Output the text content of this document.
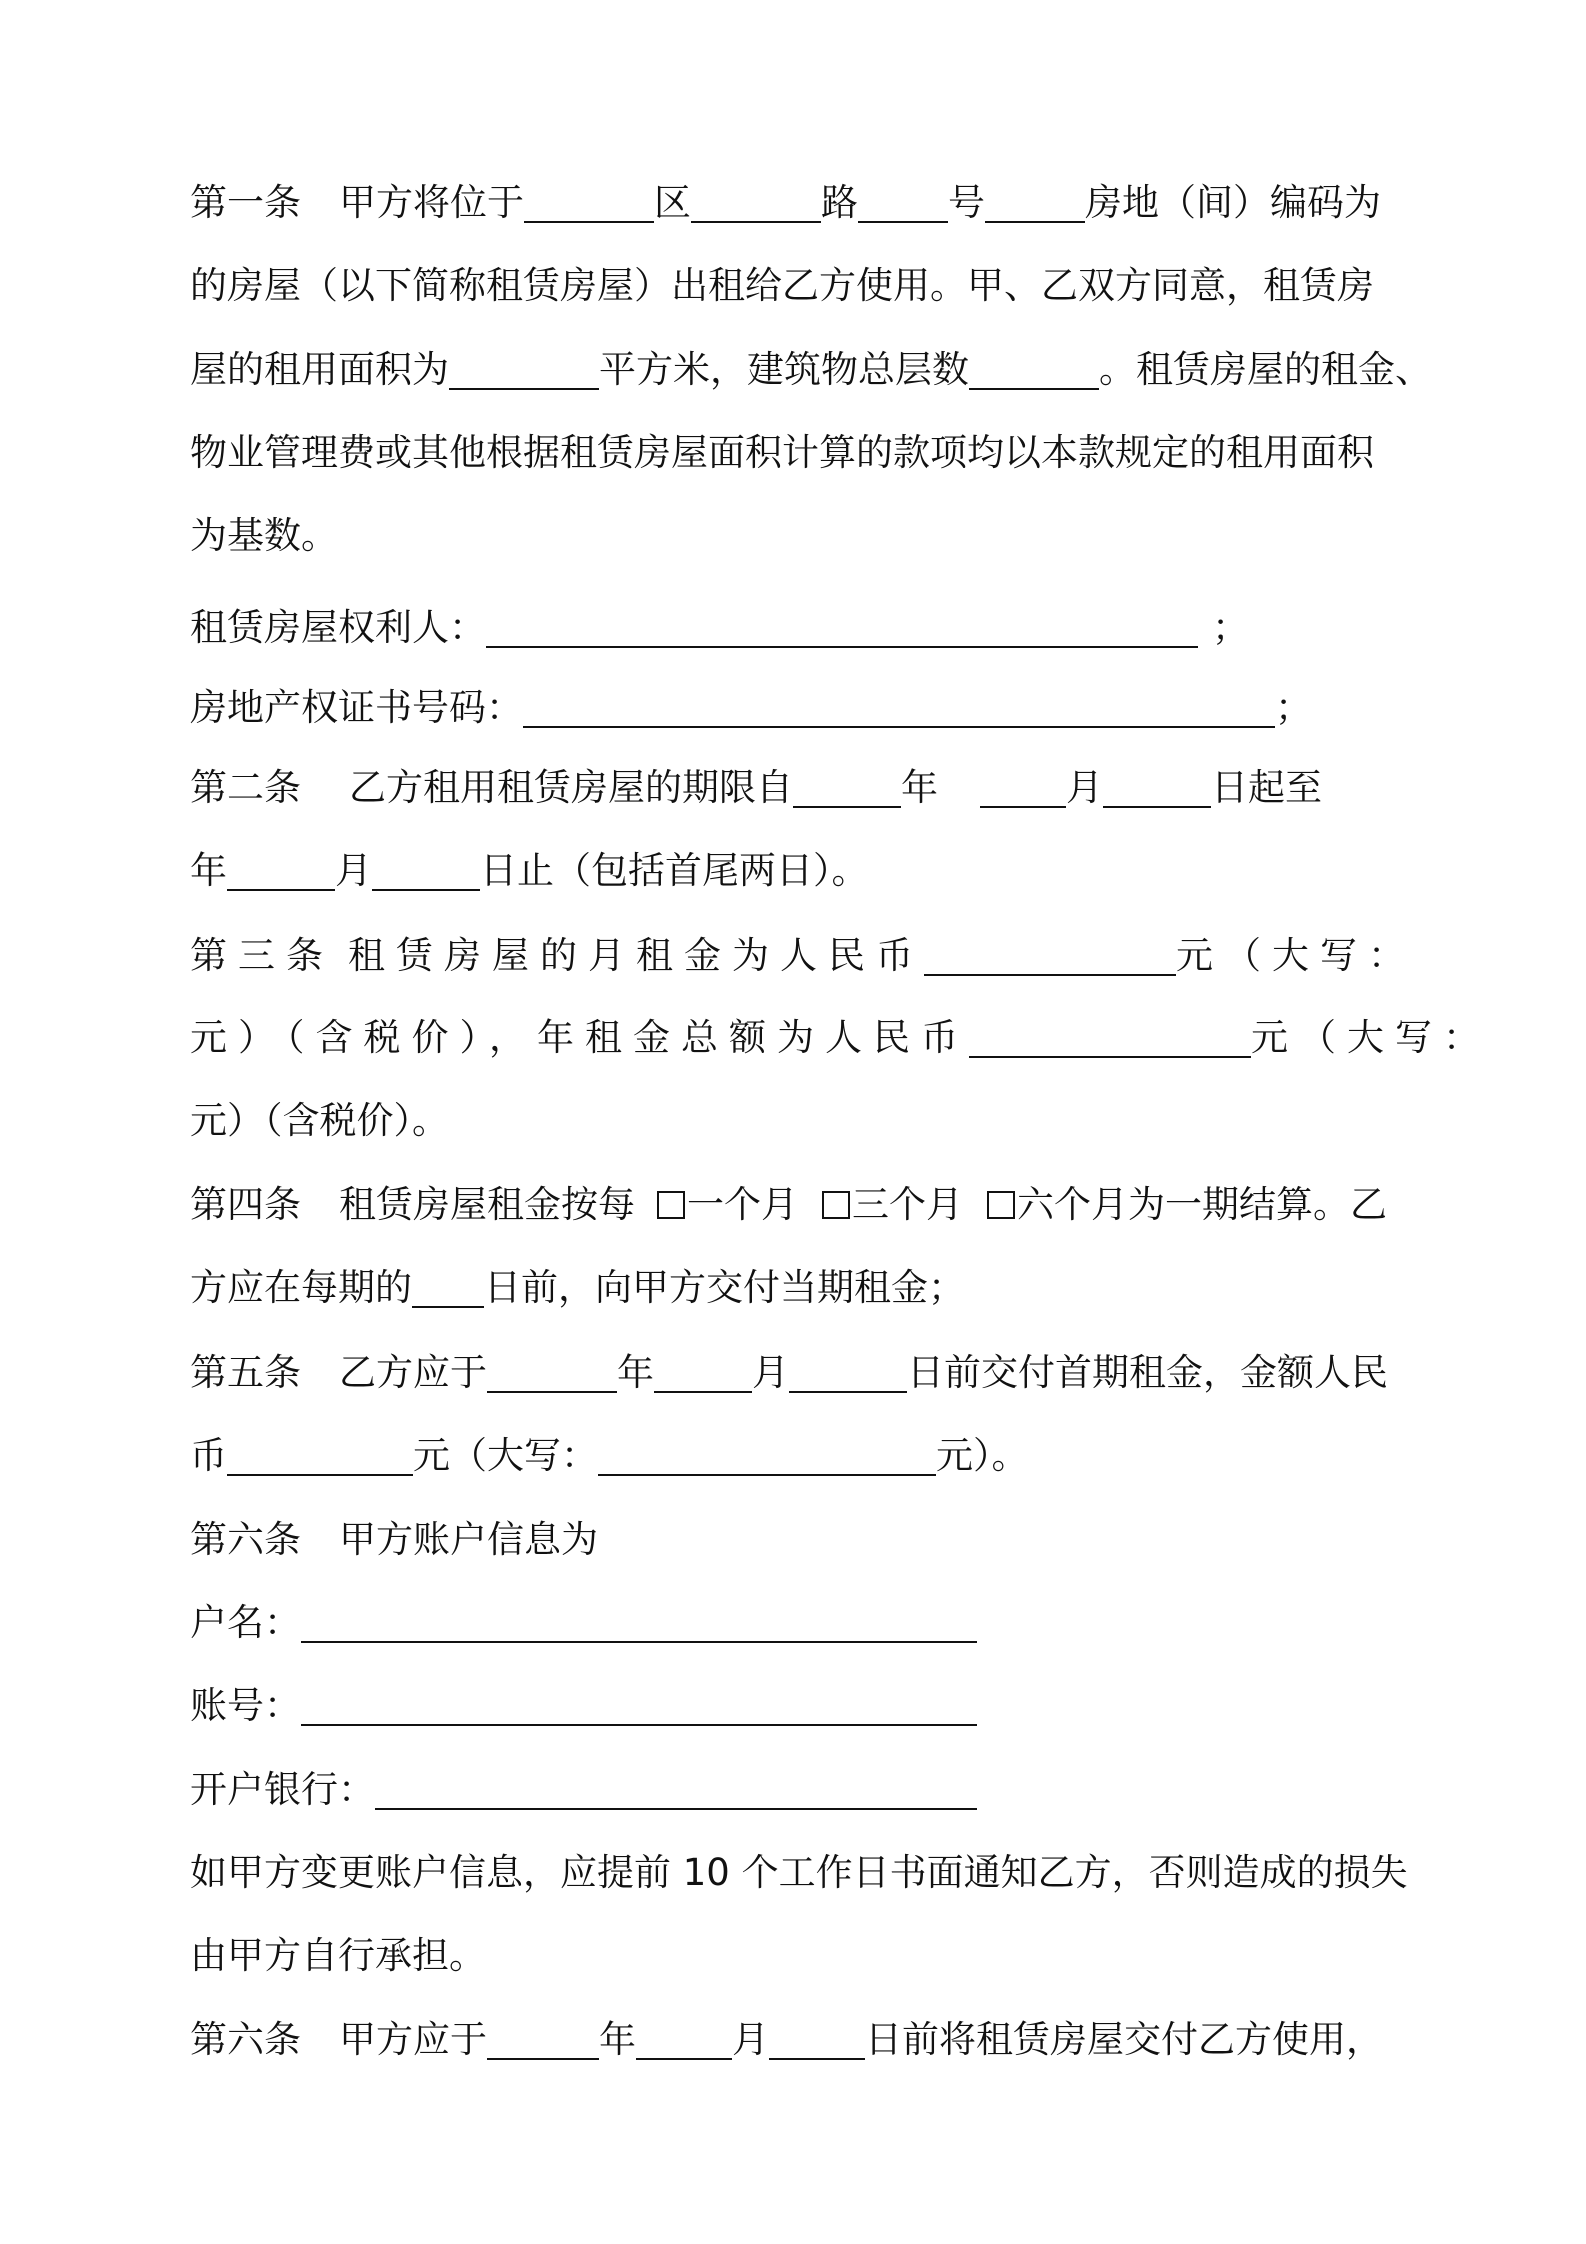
第一条 甲方将位于	区	路 号	房地（间）编码为
的房屋（以下简称租赁房屋）出租给乙方使用。甲、乙双方同意，租赁房
屋的租用面积为	平方米，建筑物总层数	。租赁房屋的租金、
物业管理费或其他根据租赁房屋面积计算的款项均以本款规定的租用面积
为基数。
租赁房屋权利人：	；
房地产权证书号码：	；
第二条 乙方租用租赁房屋的期限自	年	月	日起至
年	月	日止（包括首尾两日）。
第三条 租赁房屋的月租金为人民币	元（大写：
元）（含税价），年租金总额为人民币	元（大写：
元）（含税价）。
第四条 租赁房屋租金按每 一个月 三个月 六个月为一期结算。乙
方应在每期的 日前，向甲方交付当期租金；
第五条 乙方应于	年	月	日前交付首期租金，金额人民
币	元（大写：	元）。
第六条 甲方账户信息为
户名：
账号：
开户银行：
如甲方变更账户信息，应提前 10 个工作日书面通知乙方，否则造成的损失
由甲方自行承担。
第六条 甲方应于	年	月	日前将租赁房屋交付乙方使用，
